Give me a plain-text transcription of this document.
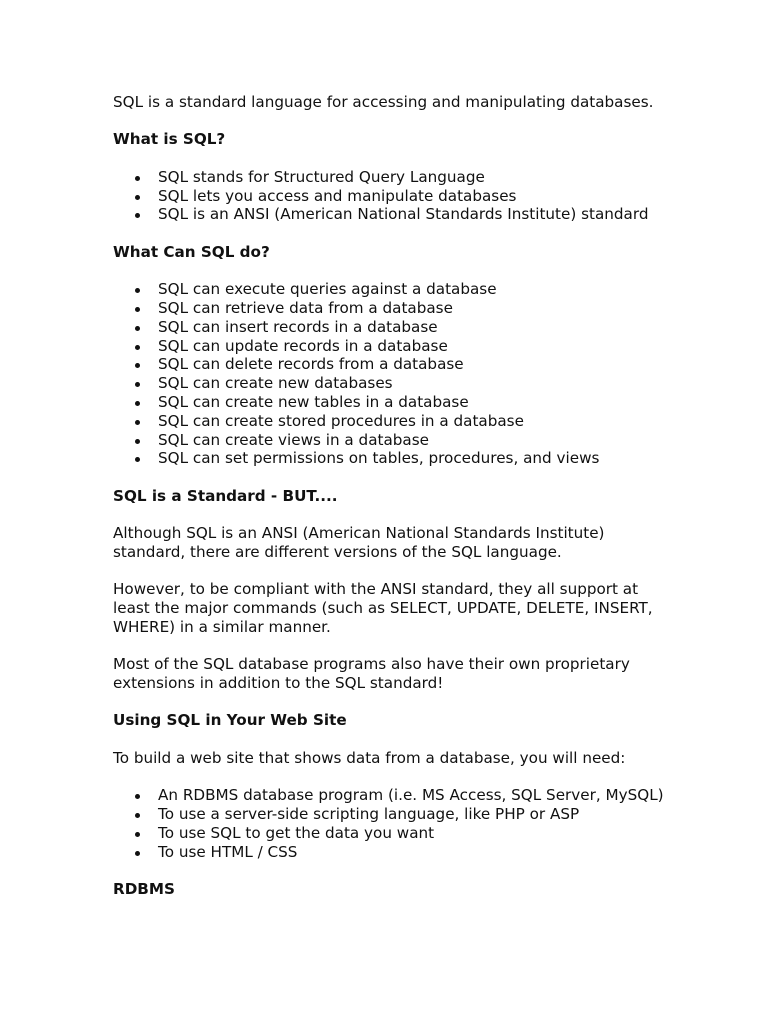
SQL is a standard language for accessing and manipulating databases.

What is SQL?

SQL stands for Structured Query Language
SQL lets you access and manipulate databases
SQL is an ANSI (American National Standards Institute) standard

What Can SQL do?

SQL can execute queries against a database
SQL can retrieve data from a database
SQL can insert records in a database
SQL can update records in a database
SQL can delete records from a database
SQL can create new databases
SQL can create new tables in a database
SQL can create stored procedures in a database
SQL can create views in a database
SQL can set permissions on tables, procedures, and views

SQL is a Standard - BUT....

Although SQL is an ANSI (American National Standards Institute) standard, there are different versions of the SQL language.

However, to be compliant with the ANSI standard, they all support at least the major commands (such as SELECT, UPDATE, DELETE, INSERT, WHERE) in a similar manner.

Most of the SQL database programs also have their own proprietary extensions in addition to the SQL standard!

Using SQL in Your Web Site

To build a web site that shows data from a database, you will need:

An RDBMS database program (i.e. MS Access, SQL Server, MySQL)
To use a server-side scripting language, like PHP or ASP
To use SQL to get the data you want
To use HTML / CSS

RDBMS
